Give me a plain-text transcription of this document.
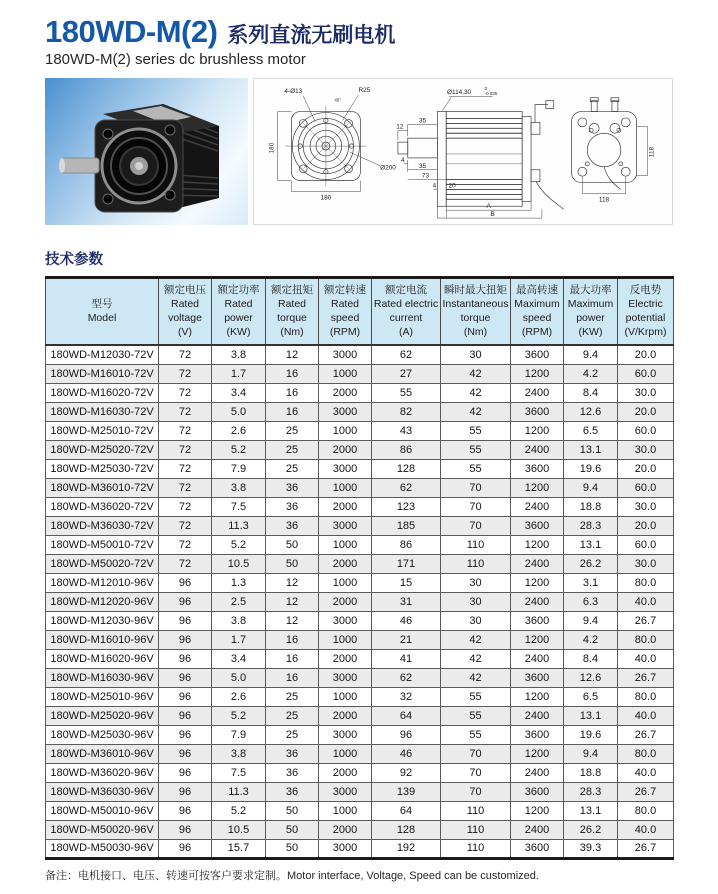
180WD-M(2) 系列直流无刷电机
180WD-M(2) series dc brushless motor
4-Ø13	R25
45°
180
180
Ø200
Ø114.30
0
-0.035
35
12
4
35
73
4 20
A
B
118
118
技术参数
型号
Model

额定电压
Rated voltage
(V)

额定功率
Rated power
(KW)

额定扭矩
Rated torque
(Nm)

额定转速
Rated speed
(RPM)

额定电流
Rated electric current
(A)

瞬时最大扭矩
Instantaneous torque
(Nm)

最高转速
Maximum speed
(RPM)

最大功率
Maximum power
(KW)

反电势
Electric potential
(V/Krpm)

180WD-M12030-72V	72	3.8	12	3000	62	30	3600	9.4	20.0
180WD-M16010-72V	72	1.7	16	1000	27	42	1200	4.2	60.0
180WD-M16020-72V	72	3.4	16	2000	55	42	2400	8.4	30.0
180WD-M16030-72V	72	5.0	16	3000	82	42	3600	12.6	20.0
180WD-M25010-72V	72	2.6	25	1000	43	55	1200	6.5	60.0
180WD-M25020-72V	72	5.2	25	2000	86	55	2400	13.1	30.0
180WD-M25030-72V	72	7.9	25	3000	128	55	3600	19.6	20.0
180WD-M36010-72V	72	3.8	36	1000	62	70	1200	9.4	60.0
180WD-M36020-72V	72	7.5	36	2000	123	70	2400	18.8	30.0
180WD-M36030-72V	72	11.3	36	3000	185	70	3600	28.3	20.0
180WD-M50010-72V	72	5.2	50	1000	86	110	1200	13.1	60.0
180WD-M50020-72V	72	10.5	50	2000	171	110	2400	26.2	30.0
180WD-M12010-96V	96	1.3	12	1000	15	30	1200	3.1	80.0
180WD-M12020-96V	96	2.5	12	2000	31	30	2400	6.3	40.0
180WD-M12030-96V	96	3.8	12	3000	46	30	3600	9.4	26.7
180WD-M16010-96V	96	1.7	16	1000	21	42	1200	4.2	80.0
180WD-M16020-96V	96	3.4	16	2000	41	42	2400	8.4	40.0
180WD-M16030-96V	96	5.0	16	3000	62	42	3600	12.6	26.7
180WD-M25010-96V	96	2.6	25	1000	32	55	1200	6.5	80.0
180WD-M25020-96V	96	5.2	25	2000	64	55	2400	13.1	40.0
180WD-M25030-96V	96	7.9	25	3000	96	55	3600	19.6	26.7
180WD-M36010-96V	96	3.8	36	1000	46	70	1200	9.4	80.0
180WD-M36020-96V	96	7.5	36	2000	92	70	2400	18.8	40.0
180WD-M36030-96V	96	11.3	36	3000	139	70	3600	28.3	26.7
180WD-M50010-96V	96	5.2	50	1000	64	110	1200	13.1	80.0
180WD-M50020-96V	96	10.5	50	2000	128	110	2400	26.2	40.0
180WD-M50030-96V	96	15.7	50	3000	192	110	3600	39.3	26.7
备注：电机接口、电压、转速可按客户要求定制。Motor interface, Voltage, Speed can be customized.
